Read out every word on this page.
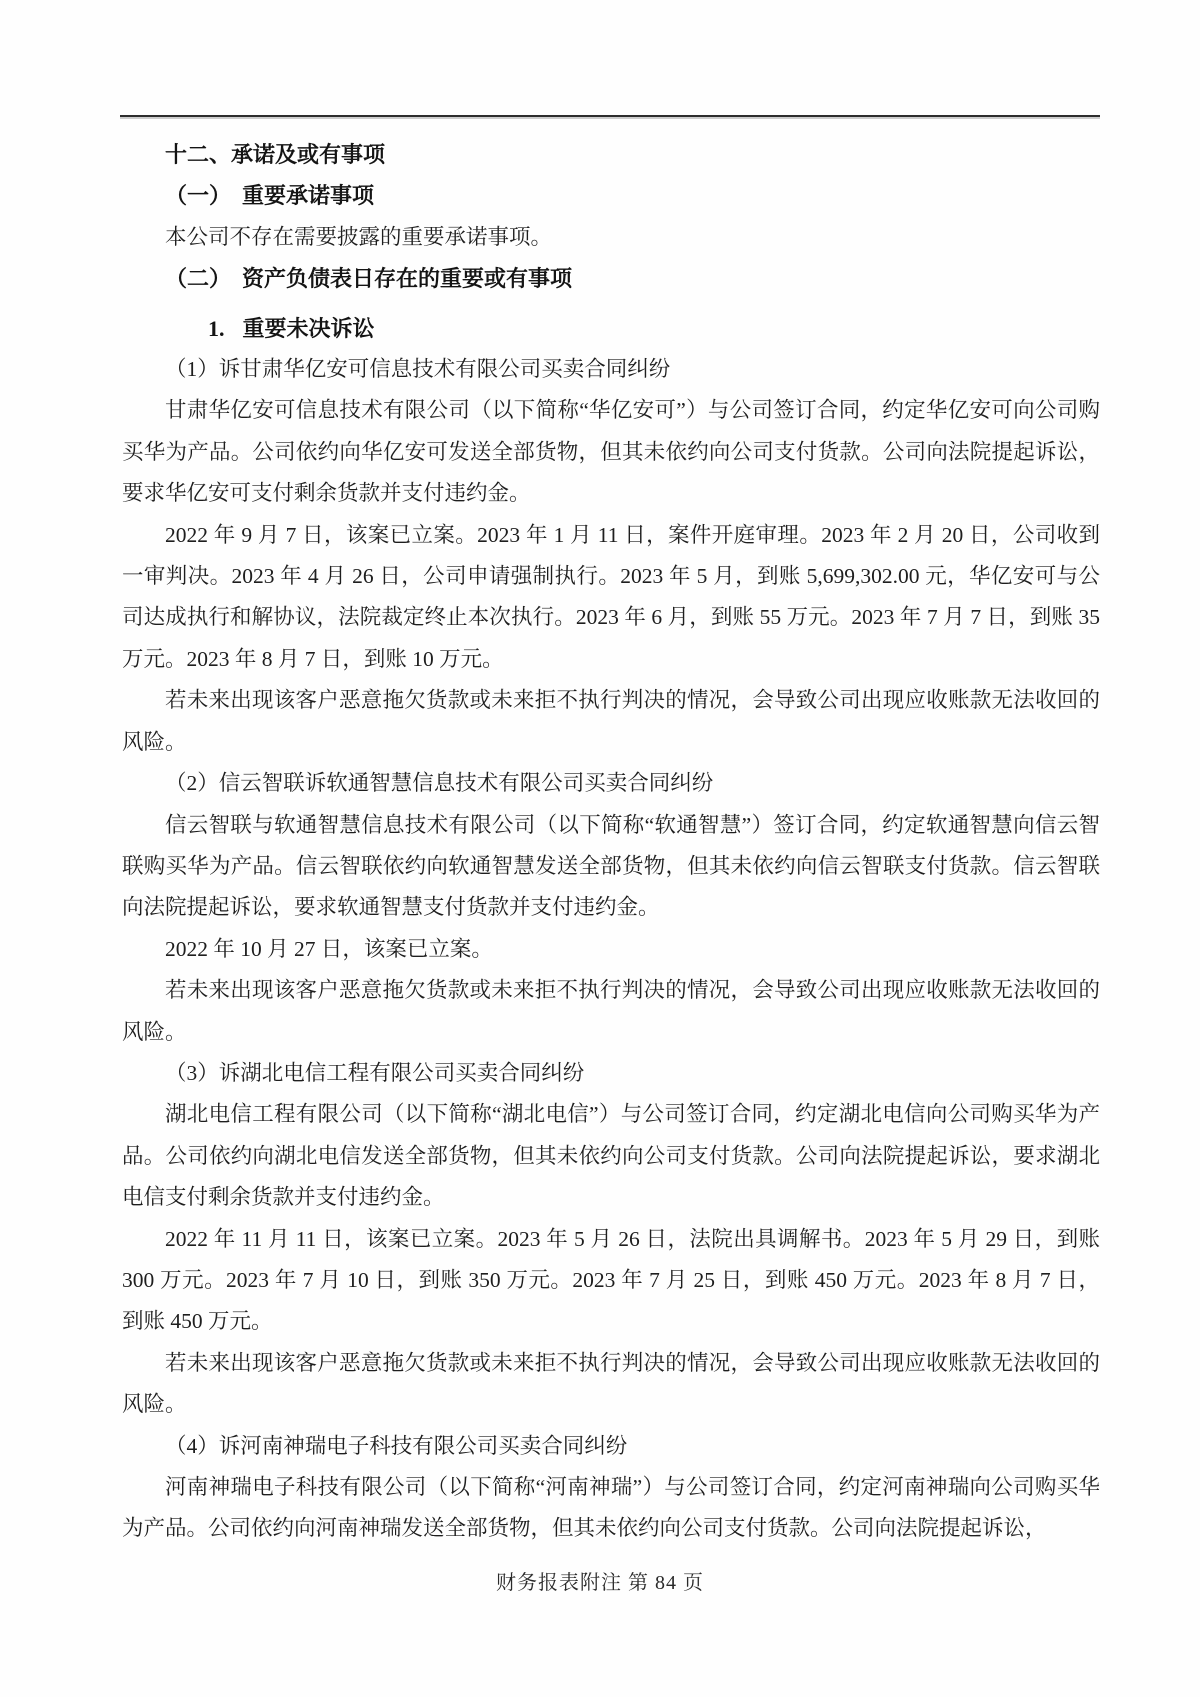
十二、承诺及或有事项

（一）　重要承诺事项

本公司不存在需要披露的重要承诺事项。

（二）　资产负债表日存在的重要或有事项

1. 重要未决诉讼

（1）诉甘肃华亿安可信息技术有限公司买卖合同纠纷

甘肃华亿安可信息技术有限公司（以下简称“华亿安可”）与公司签订合同，约定华亿安可向公司购买华为产品。公司依约向华亿安可发送全部货物，但其未依约向公司支付货款。公司向法院提起诉讼，要求华亿安可支付剩余货款并支付违约金。

2022 年 9 月 7 日，该案已立案。2023 年 1 月 11 日，案件开庭审理。2023 年 2 月 20 日，公司收到一审判决。2023 年 4 月 26 日，公司申请强制执行。2023 年 5 月，到账 5,699,302.00 元，华亿安可与公司达成执行和解协议，法院裁定终止本次执行。2023 年 6 月，到账 55 万元。2023 年 7 月 7 日，到账 35 万元。2023 年 8 月 7 日，到账 10 万元。

若未来出现该客户恶意拖欠货款或未来拒不执行判决的情况，会导致公司出现应收账款无法收回的风险。

（2）信云智联诉软通智慧信息技术有限公司买卖合同纠纷

信云智联与软通智慧信息技术有限公司（以下简称“软通智慧”）签订合同，约定软通智慧向信云智联购买华为产品。信云智联依约向软通智慧发送全部货物，但其未依约向信云智联支付货款。信云智联向法院提起诉讼，要求软通智慧支付货款并支付违约金。

2022 年 10 月 27 日，该案已立案。

若未来出现该客户恶意拖欠货款或未来拒不执行判决的情况，会导致公司出现应收账款无法收回的风险。

（3）诉湖北电信工程有限公司买卖合同纠纷

湖北电信工程有限公司（以下简称“湖北电信”）与公司签订合同，约定湖北电信向公司购买华为产品。公司依约向湖北电信发送全部货物，但其未依约向公司支付货款。公司向法院提起诉讼，要求湖北电信支付剩余货款并支付违约金。

2022 年 11 月 11 日，该案已立案。2023 年 5 月 26 日，法院出具调解书。2023 年 5 月 29 日，到账 300 万元。2023 年 7 月 10 日，到账 350 万元。2023 年 7 月 25 日，到账 450 万元。2023 年 8 月 7 日，到账 450 万元。

若未来出现该客户恶意拖欠货款或未来拒不执行判决的情况，会导致公司出现应收账款无法收回的风险。

（4）诉河南神瑞电子科技有限公司买卖合同纠纷

河南神瑞电子科技有限公司（以下简称“河南神瑞”）与公司签订合同，约定河南神瑞向公司购买华为产品。公司依约向河南神瑞发送全部货物，但其未依约向公司支付货款。公司向法院提起诉讼，

财务报表附注 第 84 页
